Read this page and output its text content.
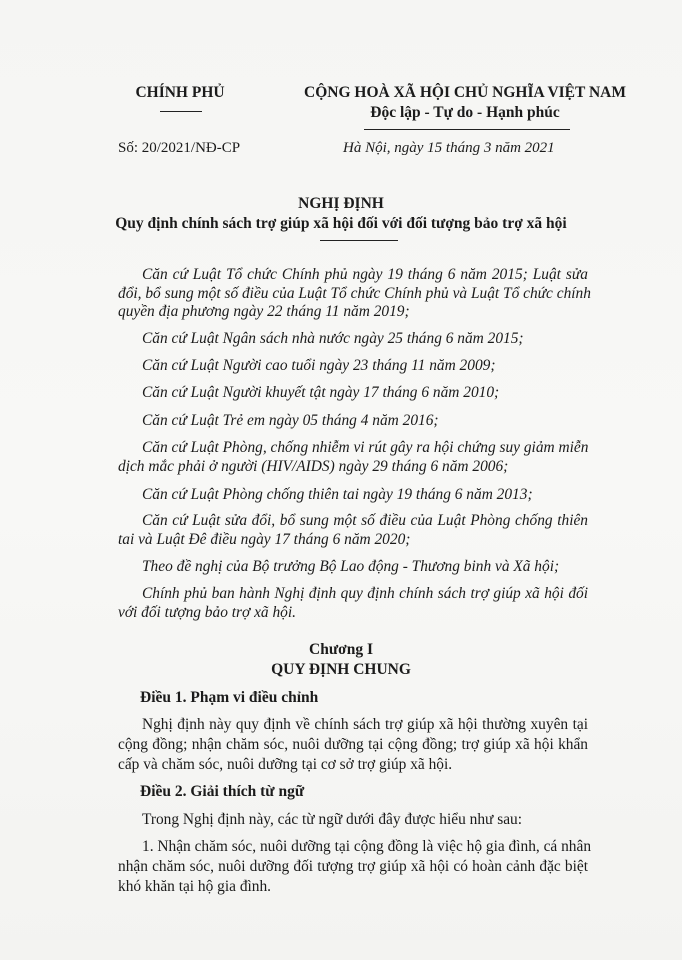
CHÍNH PHỦ	CỘNG HOÀ XÃ HỘI CHỦ NGHĨA VIỆT NAM
Độc lập - Tự do - Hạnh phúc
Số: 20/2021/NĐ-CP	Hà Nội, ngày 15 tháng 3 năm 2021
NGHỊ ĐỊNH
Quy định chính sách trợ giúp xã hội đối với đối tượng bảo trợ xã hội
Căn cứ Luật Tổ chức Chính phủ ngày 19 tháng 6 năm 2015; Luật sửa
đổi, bổ sung một số điều của Luật Tổ chức Chính phủ và Luật Tổ chức chính
quyền địa phương ngày 22 tháng 11 năm 2019;
Căn cứ Luật Ngân sách nhà nước ngày 25 tháng 6 năm 2015;
Căn cứ Luật Người cao tuổi ngày 23 tháng 11 năm 2009;
Căn cứ Luật Người khuyết tật ngày 17 tháng 6 năm 2010;
Căn cứ Luật Trẻ em ngày 05 tháng 4 năm 2016;
Căn cứ Luật Phòng, chống nhiễm vi rút gây ra hội chứng suy giảm miễn
dịch mắc phải ở người (HIV/AIDS) ngày 29 tháng 6 năm 2006;
Căn cứ Luật Phòng chống thiên tai ngày 19 tháng 6 năm 2013;
Căn cứ Luật sửa đổi, bổ sung một số điều của Luật Phòng chống thiên
tai và Luật Đê điều ngày 17 tháng 6 năm 2020;
Theo đề nghị của Bộ trưởng Bộ Lao động - Thương binh và Xã hội;
Chính phủ ban hành Nghị định quy định chính sách trợ giúp xã hội đối
với đối tượng bảo trợ xã hội.
Chương I
QUY ĐỊNH CHUNG
Điều 1. Phạm vi điều chỉnh
Nghị định này quy định về chính sách trợ giúp xã hội thường xuyên tại
cộng đồng; nhận chăm sóc, nuôi dưỡng tại cộng đồng; trợ giúp xã hội khẩn
cấp và chăm sóc, nuôi dưỡng tại cơ sở trợ giúp xã hội.
Điều 2. Giải thích từ ngữ
Trong Nghị định này, các từ ngữ dưới đây được hiểu như sau:
1. Nhận chăm sóc, nuôi dưỡng tại cộng đồng là việc hộ gia đình, cá nhân
nhận chăm sóc, nuôi dưỡng đối tượng trợ giúp xã hội có hoàn cảnh đặc biệt
khó khăn tại hộ gia đình.
